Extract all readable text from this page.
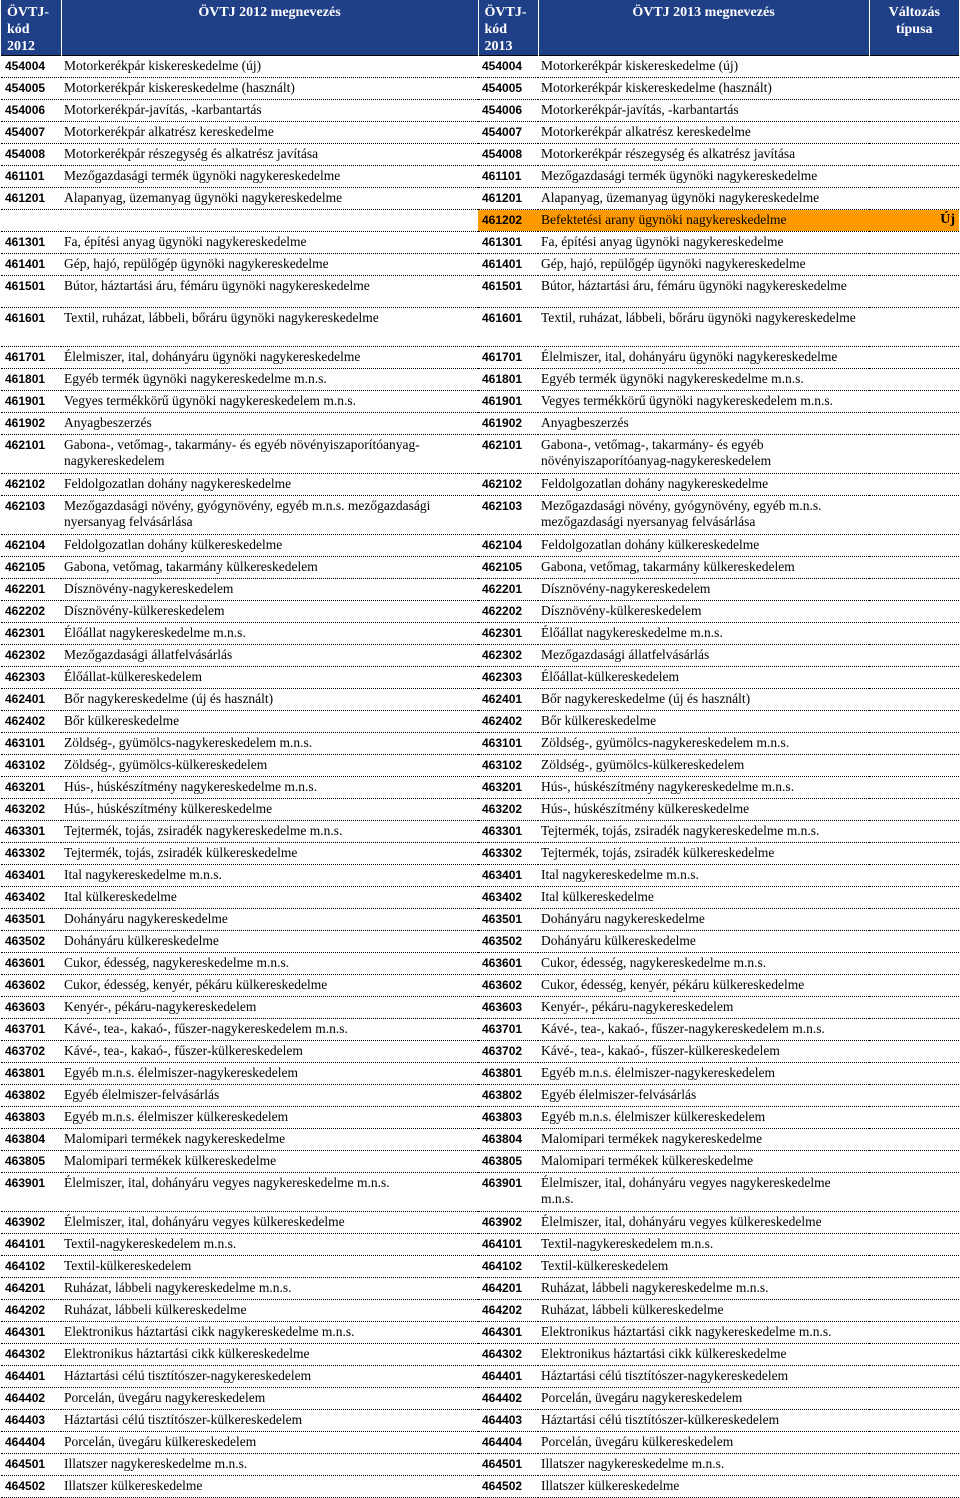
ÖVTJ-kód 2012	ÖVTJ 2012 megnevezés	ÖVTJ-kód 2013	ÖVTJ 2013 megnevezés	Változás típusa
454004	Motorkerékpár kiskereskedelme (új)	454004	Motorkerékpár kiskereskedelme (új)	
454005	Motorkerékpár kiskereskedelme (használt)	454005	Motorkerékpár kiskereskedelme (használt)	
454006	Motorkerékpár-javítás, -karbantartás	454006	Motorkerékpár-javítás, -karbantartás	
454007	Motorkerékpár alkatrész kereskedelme	454007	Motorkerékpár alkatrész kereskedelme	
454008	Motorkerékpár részegység és alkatrész javítása	454008	Motorkerékpár részegység és alkatrész javítása	
461101	Mezőgazdasági termék ügynöki nagykereskedelme	461101	Mezőgazdasági termék ügynöki nagykereskedelme	
461201	Alapanyag, üzemanyag ügynöki nagykereskedelme	461201	Alapanyag, üzemanyag ügynöki nagykereskedelme	
		461202	Befektetési arany ügynöki nagykereskedelme	Új
461301	Fa, építési anyag ügynöki nagykereskedelme	461301	Fa, építési anyag ügynöki nagykereskedelme	
461401	Gép, hajó, repülőgép ügynöki nagykereskedelme	461401	Gép, hajó, repülőgép ügynöki nagykereskedelme	
461501	Bútor, háztartási áru, fémáru ügynöki nagykereskedelme	461501	Bútor, háztartási áru, fémáru ügynöki nagykereskedelme	
461601	Textil, ruházat, lábbeli, bőráru ügynöki nagykereskedelme	461601	Textil, ruházat, lábbeli, bőráru ügynöki nagykereskedelme	
461701	Élelmiszer, ital, dohányáru ügynöki nagykereskedelme	461701	Élelmiszer, ital, dohányáru ügynöki nagykereskedelme	
461801	Egyéb termék ügynöki nagykereskedelme m.n.s.	461801	Egyéb termék ügynöki nagykereskedelme m.n.s.	
461901	Vegyes termékkörű ügynöki nagykereskedelem m.n.s.	461901	Vegyes termékkörű ügynöki nagykereskedelem m.n.s.	
461902	Anyagbeszerzés	461902	Anyagbeszerzés	
462101	Gabona-, vetőmag-, takarmány- és egyéb növényiszaporítóanyag-nagykereskedelem	462101	Gabona-, vetőmag-, takarmány- és egyéb növényiszaporítóanyag-nagykereskedelem	
462102	Feldolgozatlan dohány nagykereskedelme	462102	Feldolgozatlan dohány nagykereskedelme	
462103	Mezőgazdasági növény, gyógynövény, egyéb m.n.s. mezőgazdasági nyersanyag felvásárlása	462103	Mezőgazdasági növény, gyógynövény, egyéb m.n.s. mezőgazdasági nyersanyag felvásárlása	
462104	Feldolgozatlan dohány külkereskedelme	462104	Feldolgozatlan dohány külkereskedelme	
462105	Gabona, vetőmag, takarmány külkereskedelem	462105	Gabona, vetőmag, takarmány külkereskedelem	
462201	Dísznövény-nagykereskedelem	462201	Dísznövény-nagykereskedelem	
462202	Dísznövény-külkereskedelem	462202	Dísznövény-külkereskedelem	
462301	Élőállat nagykereskedelme m.n.s.	462301	Élőállat nagykereskedelme m.n.s.	
462302	Mezőgazdasági állatfelvásárlás	462302	Mezőgazdasági állatfelvásárlás	
462303	Élőállat-külkereskedelem	462303	Élőállat-külkereskedelem	
462401	Bőr nagykereskedelme (új és használt)	462401	Bőr nagykereskedelme (új és használt)	
462402	Bőr külkereskedelme	462402	Bőr külkereskedelme	
463101	Zöldség-, gyümölcs-nagykereskedelem m.n.s.	463101	Zöldség-, gyümölcs-nagykereskedelem m.n.s.	
463102	Zöldség-, gyümölcs-külkereskedelem	463102	Zöldség-, gyümölcs-külkereskedelem	
463201	Hús-, húskészítmény nagykereskedelme m.n.s.	463201	Hús-, húskészítmény nagykereskedelme m.n.s.	
463202	Hús-, húskészítmény külkereskedelme	463202	Hús-, húskészítmény külkereskedelme	
463301	Tejtermék, tojás, zsiradék nagykereskedelme m.n.s.	463301	Tejtermék, tojás, zsiradék nagykereskedelme m.n.s.	
463302	Tejtermék, tojás, zsiradék külkereskedelme	463302	Tejtermék, tojás, zsiradék külkereskedelme	
463401	Ital nagykereskedelme m.n.s.	463401	Ital nagykereskedelme m.n.s.	
463402	Ital külkereskedelme	463402	Ital külkereskedelme	
463501	Dohányáru nagykereskedelme	463501	Dohányáru nagykereskedelme	
463502	Dohányáru külkereskedelme	463502	Dohányáru külkereskedelme	
463601	Cukor, édesség, nagykereskedelme m.n.s.	463601	Cukor, édesség, nagykereskedelme m.n.s.	
463602	Cukor, édesség, kenyér, pékáru külkereskedelme	463602	Cukor, édesség, kenyér, pékáru külkereskedelme	
463603	Kenyér-, pékáru-nagykereskedelem	463603	Kenyér-, pékáru-nagykereskedelem	
463701	Kávé-, tea-, kakaó-, fűszer-nagykereskedelem m.n.s.	463701	Kávé-, tea-, kakaó-, fűszer-nagykereskedelem m.n.s.	
463702	Kávé-, tea-, kakaó-, fűszer-külkereskedelem	463702	Kávé-, tea-, kakaó-, fűszer-külkereskedelem	
463801	Egyéb m.n.s. élelmiszer-nagykereskedelem	463801	Egyéb m.n.s. élelmiszer-nagykereskedelem	
463802	Egyéb élelmiszer-felvásárlás	463802	Egyéb élelmiszer-felvásárlás	
463803	Egyéb m.n.s. élelmiszer külkereskedelem	463803	Egyéb m.n.s. élelmiszer külkereskedelem	
463804	Malomipari termékek nagykereskedelme	463804	Malomipari termékek nagykereskedelme	
463805	Malomipari termékek külkereskedelme	463805	Malomipari termékek külkereskedelme	
463901	Élelmiszer, ital, dohányáru vegyes nagykereskedelme m.n.s.	463901	Élelmiszer, ital, dohányáru vegyes nagykereskedelme m.n.s.	
463902	Élelmiszer, ital, dohányáru vegyes külkereskedelme	463902	Élelmiszer, ital, dohányáru vegyes külkereskedelme	
464101	Textil-nagykereskedelem m.n.s.	464101	Textil-nagykereskedelem m.n.s.	
464102	Textil-külkereskedelem	464102	Textil-külkereskedelem	
464201	Ruházat, lábbeli nagykereskedelme m.n.s.	464201	Ruházat, lábbeli nagykereskedelme m.n.s.	
464202	Ruházat, lábbeli külkereskedelme	464202	Ruházat, lábbeli külkereskedelme	
464301	Elektronikus háztartási cikk nagykereskedelme m.n.s.	464301	Elektronikus háztartási cikk nagykereskedelme m.n.s.	
464302	Elektronikus háztartási cikk külkereskedelme	464302	Elektronikus háztartási cikk külkereskedelme	
464401	Háztartási célú tisztítószer-nagykereskedelem	464401	Háztartási célú tisztítószer-nagykereskedelem	
464402	Porcelán, üvegáru nagykereskedelem	464402	Porcelán, üvegáru nagykereskedelem	
464403	Háztartási célú tisztítószer-külkereskedelem	464403	Háztartási célú tisztítószer-külkereskedelem	
464404	Porcelán, üvegáru külkereskedelem	464404	Porcelán, üvegáru külkereskedelem	
464501	Illatszer nagykereskedelme m.n.s.	464501	Illatszer nagykereskedelme m.n.s.	
464502	Illatszer külkereskedelme	464502	Illatszer külkereskedelme	
